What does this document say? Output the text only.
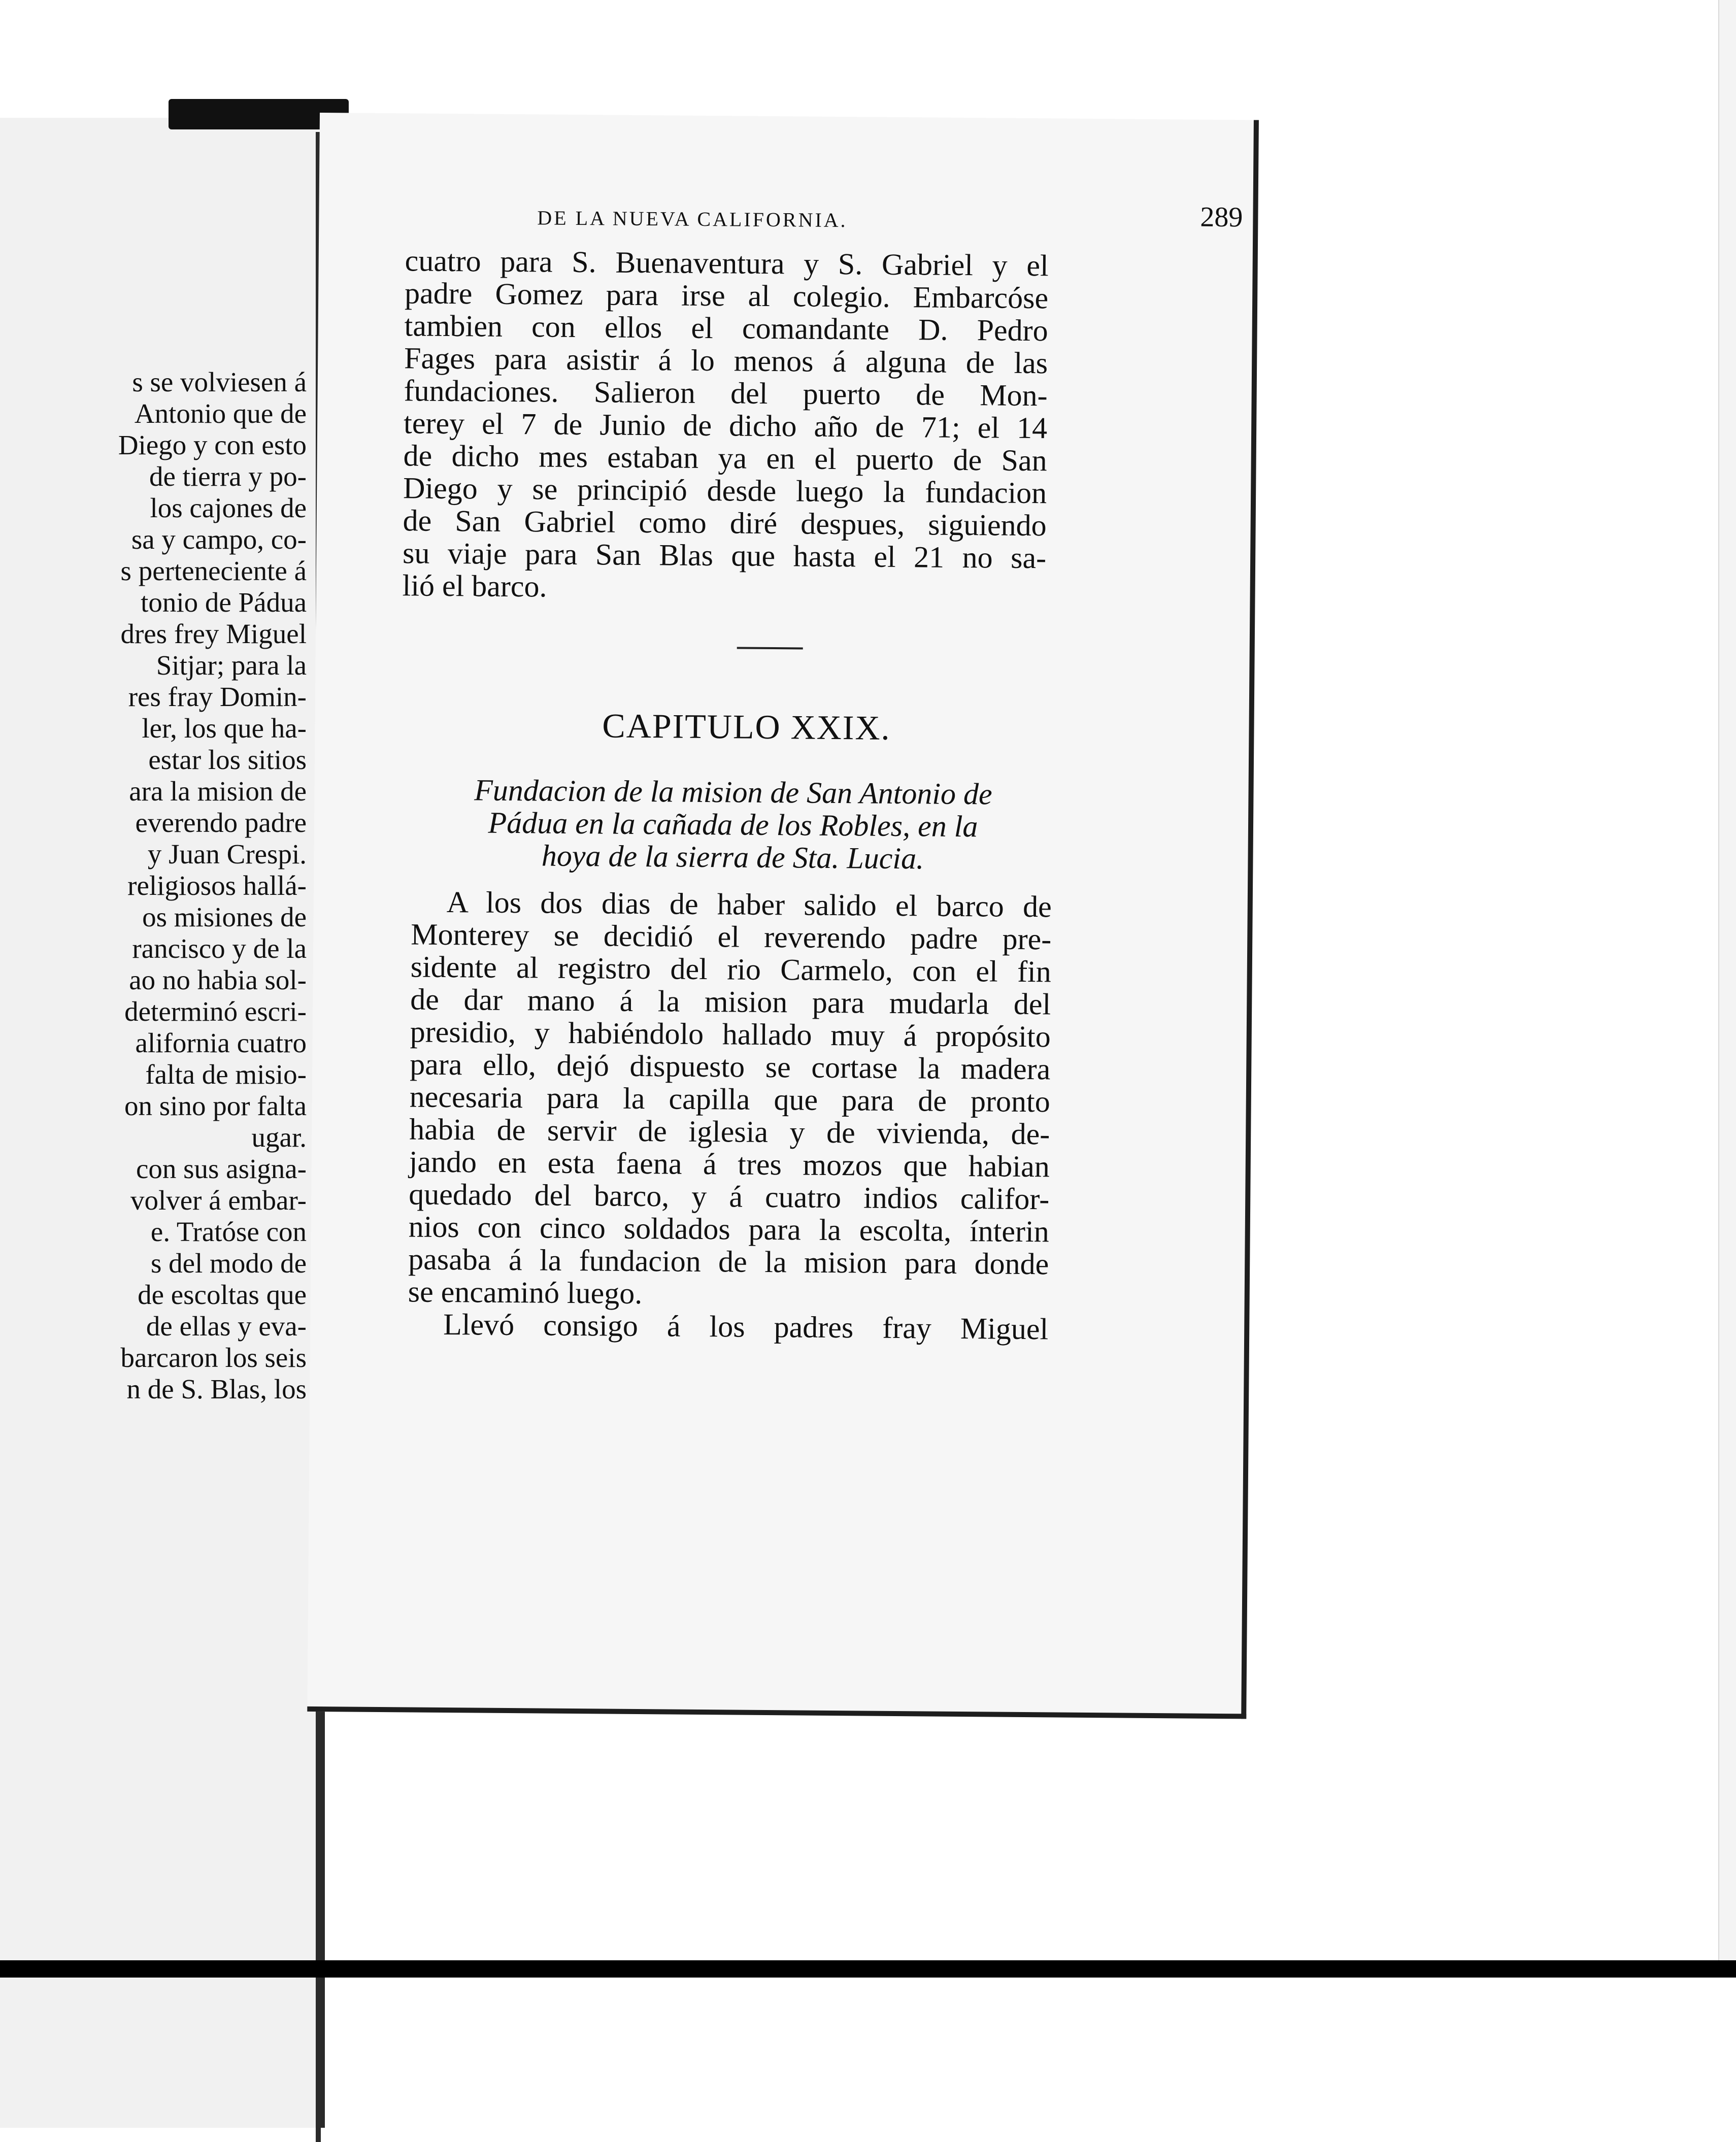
s se volviesen á
Antonio que de
Diego y con esto
de tierra y po-
los cajones de
sa y campo, co-
s perteneciente á
tonio de Pádua
dres frey Miguel
Sitjar; para la
res fray Domin-
ler, los que ha-
estar los sitios
ara la mision de
everendo padre
y Juan Crespi.
religiosos hallá-
os misiones de
rancisco y de la
ao no habia sol-
determinó escri-
alifornia cuatro
falta de misio-
on sino por falta
ugar.
con sus asigna-
volver á embar-
e. Tratóse con
s del modo de
de escoltas que
de ellas y eva-
barcaron los seis
n de S. Blas, los
DE LA NUEVA CALIFORNIA.	289
cuatro para S. Buenaventura y S. Gabriel y el
padre Gomez para irse al colegio. Embarcóse
tambien con ellos el comandante D. Pedro
Fages para asistir á lo menos á alguna de las
fundaciones. Salieron del puerto de Mon-
terey el 7 de Junio de dicho año de 71; el 14
de dicho mes estaban ya en el puerto de San
Diego y se principió desde luego la fundacion
de San Gabriel como diré despues, siguiendo
su viaje para San Blas que hasta el 21 no sa-
lió el barco.
CAPITULO XXIX.
Fundacion de la mision de San Antonio de
Pádua en la cañada de los Robles, en la
hoya de la sierra de Sta. Lucia.
A los dos dias de haber salido el barco de
Monterey se decidió el reverendo padre pre-
sidente al registro del rio Carmelo, con el fin
de dar mano á la mision para mudarla del
presidio, y habiéndolo hallado muy á propósito
para ello, dejó dispuesto se cortase la madera
necesaria para la capilla que para de pronto
habia de servir de iglesia y de vivienda, de-
jando en esta faena á tres mozos que habian
quedado del barco, y á cuatro indios califor-
nios con cinco soldados para la escolta, ínterin
pasaba á la fundacion de la mision para donde
se encaminó luego.
Llevó consigo á los padres fray Miguel
